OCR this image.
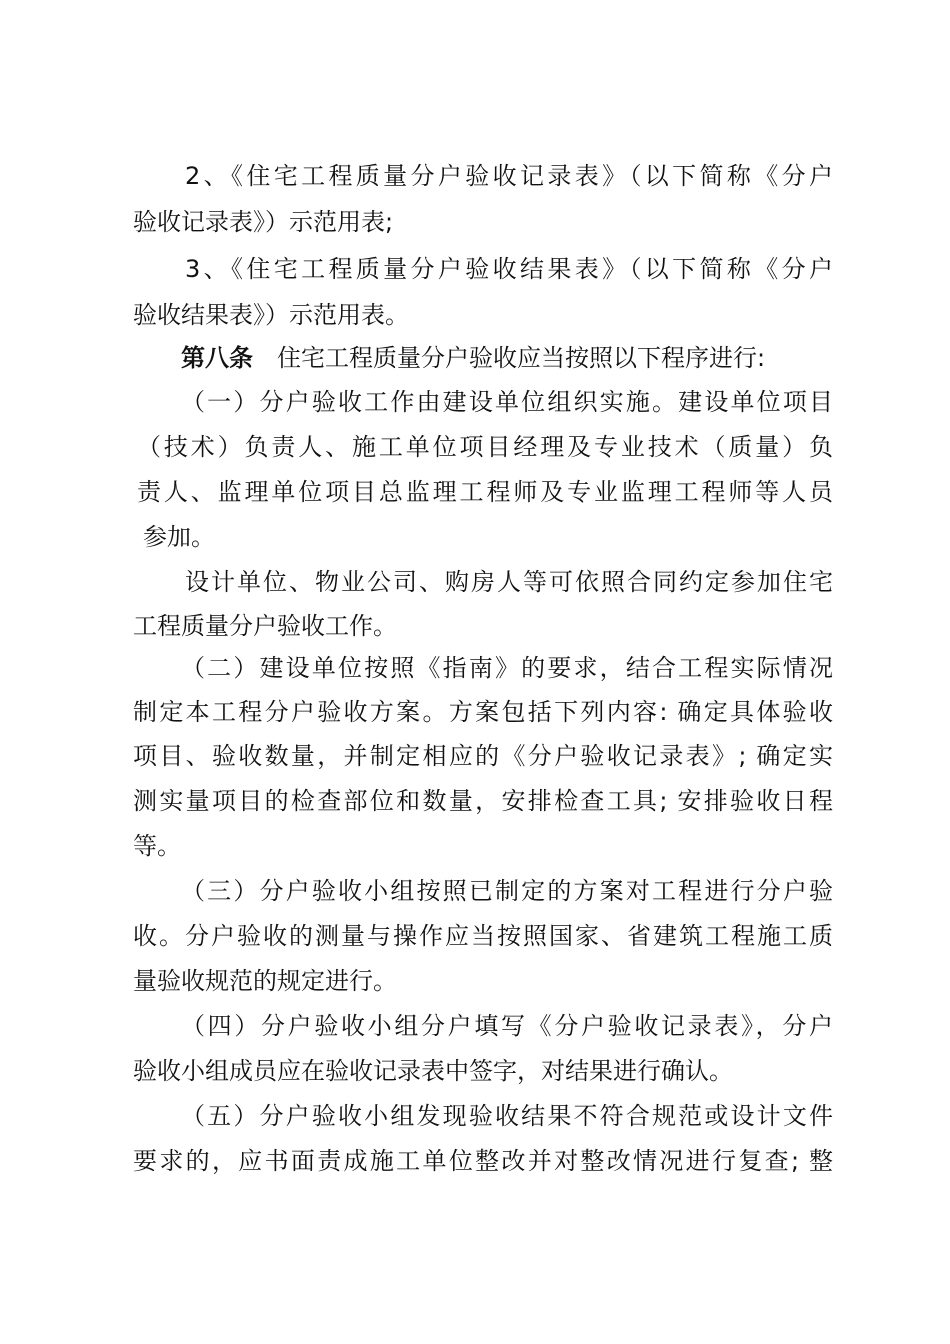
2、《住宅工程质量分户验收记录表》（以下简称《分户
验收记录表》）示范用表;
3、《住宅工程质量分户验收结果表》（以下简称《分户
验收结果表》）示范用表。
第八条 住宅工程质量分户验收应当按照以下程序进行:
（一）分户验收工作由建设单位组织实施。建设单位项目
（技术）负责人、施工单位项目经理及专业技术（质量）负
责人、监理单位项目总监理工程师及专业监理工程师等人员
参加。
设计单位、物业公司、购房人等可依照合同约定参加住宅
工程质量分户验收工作。
（二）建设单位按照《指南》的要求，结合工程实际情况
制定本工程分户验收方案。方案包括下列内容: 确定具体验收
项目、验收数量，并制定相应的《分户验收记录表》; 确定实
测实量项目的检查部位和数量，安排检查工具; 安排验收日程
等。
（三）分户验收小组按照已制定的方案对工程进行分户验
收。分户验收的测量与操作应当按照国家、省建筑工程施工质
量验收规范的规定进行。
（四）分户验收小组分户填写《分户验收记录表》，分户
验收小组成员应在验收记录表中签字，对结果进行确认。
（五）分户验收小组发现验收结果不符合规范或设计文件
要求的，应书面责成施工单位整改并对整改情况进行复查; 整
